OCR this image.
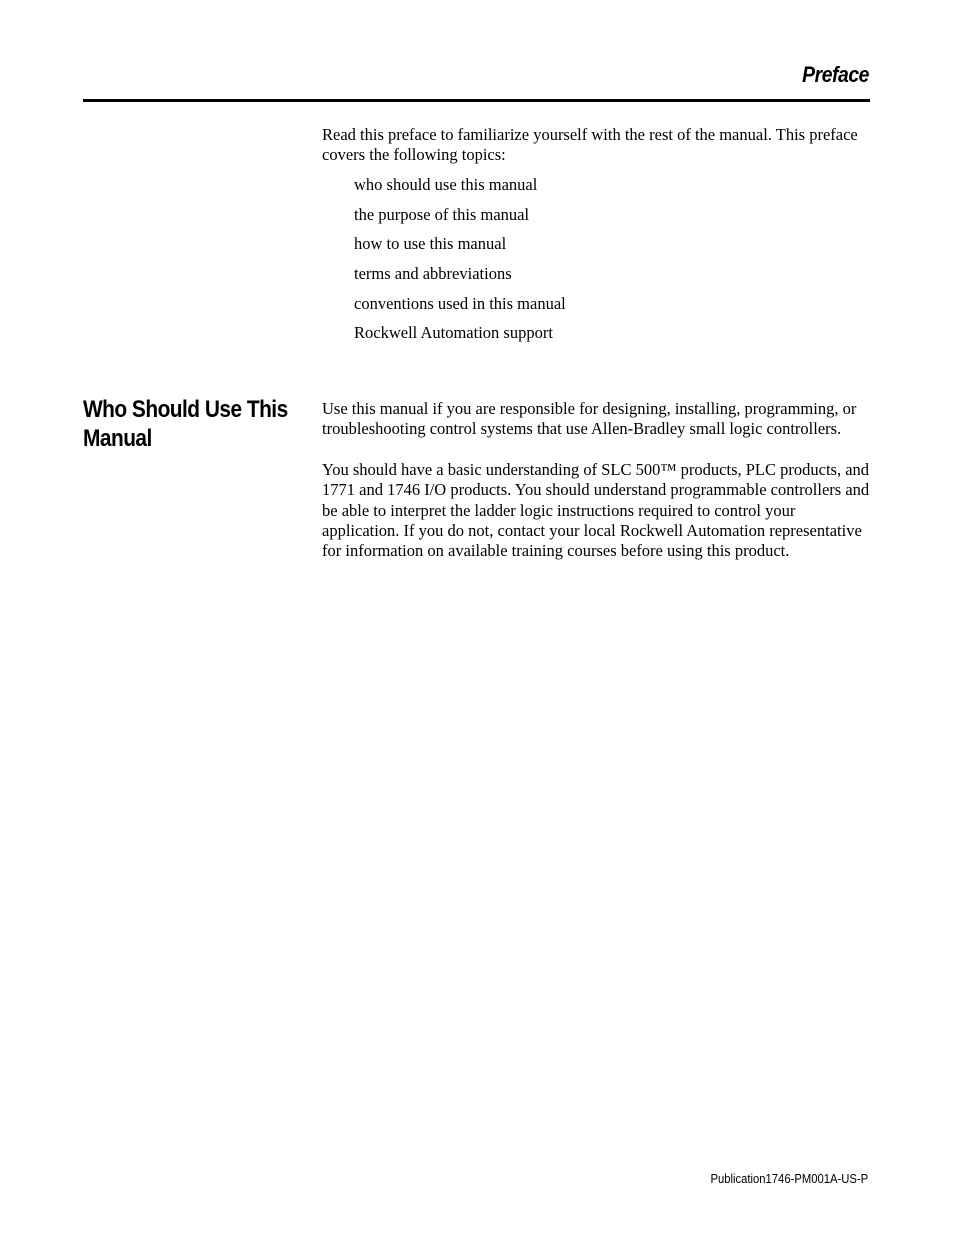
Preface

Read this preface to familiarize yourself with the rest of the manual. This preface covers the following topics:

who should use this manual
the purpose of this manual
how to use this manual
terms and abbreviations
conventions used in this manual
Rockwell Automation support
Who Should Use This Manual

Use this manual if you are responsible for designing, installing, programming, or troubleshooting control systems that use Allen-Bradley small logic controllers.

You should have a basic understanding of SLC 500™ products, PLC products, and 1771 and 1746 I/O products. You should understand programmable controllers and be able to interpret the ladder logic instructions required to control your application. If you do not, contact your local Rockwell Automation representative for information on available training courses before using this product.

Publication1746-PM001A-US-P
